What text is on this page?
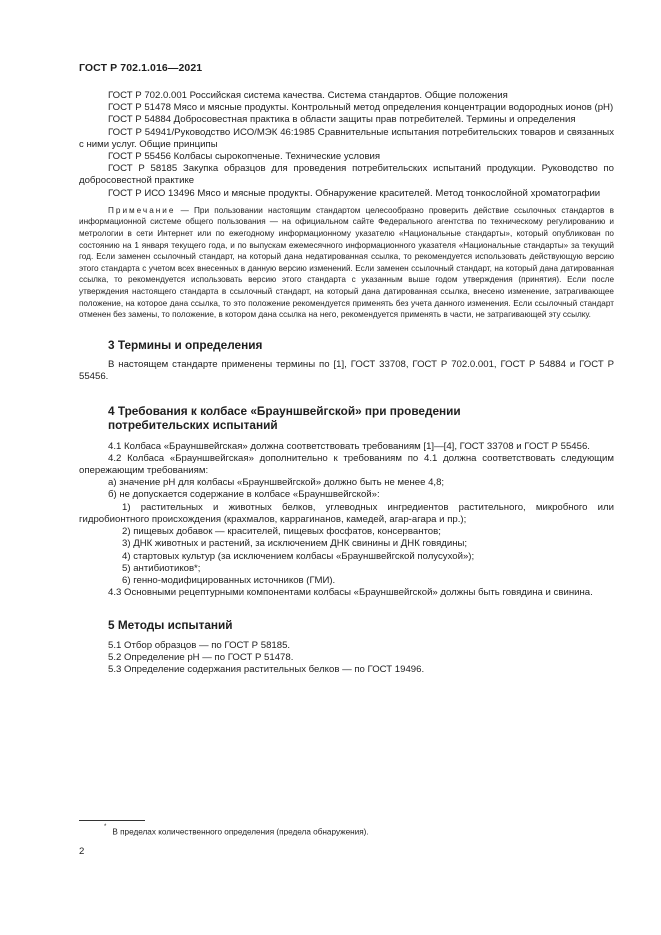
ГОСТ Р 702.1.016—2021

ГОСТ Р 702.0.001 Российская система качества. Система стандартов. Общие положения

ГОСТ Р 51478 Мясо и мясные продукты. Контрольный метод определения концентрации водородных ионов (рН)

ГОСТ Р 54884 Добросовестная практика в области защиты прав потребителей. Термины и определения

ГОСТ Р 54941/Руководство ИСО/МЭК 46:1985 Сравнительные испытания потребительских товаров и связанных с ними услуг. Общие принципы

ГОСТ Р 55456 Колбасы сырокопченые. Технические условия

ГОСТ Р 58185 Закупка образцов для проведения потребительских испытаний продукции. Руководство по добросовестной практике

ГОСТ Р ИСО 13496 Мясо и мясные продукты. Обнаружение красителей. Метод тонкослойной хроматографии

Примечание — При пользовании настоящим стандартом целесообразно проверить действие ссылочных стандартов в информационной системе общего пользования — на официальном сайте Федерального агентства по техническому регулированию и метрологии в сети Интернет или по ежегодному информационному указателю «Национальные стандарты», который опубликован по состоянию на 1 января текущего года, и по выпускам ежемесячного информационного указателя «Национальные стандарты» за текущий год. Если заменен ссылочный стандарт, на который дана недатированная ссылка, то рекомендуется использовать действующую версию этого стандарта с учетом всех внесенных в данную версию изменений. Если заменен ссылочный стандарт, на который дана датированная ссылка, то рекомендуется использовать версию этого стандарта с указанным выше годом утверждения (принятия). Если после утверждения настоящего стандарта в ссылочный стандарт, на который дана датированная ссылка, внесено изменение, затрагивающее положение, на которое дана ссылка, то это положение рекомендуется применять без учета данного изменения. Если ссылочный стандарт отменен без замены, то положение, в котором дана ссылка на него, рекомендуется применять в части, не затрагивающей эту ссылку.

3 Термины и определения

В настоящем стандарте применены термины по [1], ГОСТ 33708, ГОСТ Р 702.0.001, ГОСТ Р 54884 и ГОСТ Р 55456.

4 Требования к колбасе «Брауншвейгской» при проведении
потребительских испытаний

4.1 Колбаса «Брауншвейгская» должна соответствовать требованиям [1]—[4], ГОСТ 33708 и ГОСТ Р 55456.

4.2 Колбаса «Брауншвейгская» дополнительно к требованиям по 4.1 должна соответствовать следующим опережающим требованиям:

а) значение рН для колбасы «Брауншвейгской» должно быть не менее 4,8;

б) не допускается содержание в колбасе «Брауншвейгской»:

1) растительных и животных белков, углеводных ингредиентов растительного, микробного или гидробионтного происхождения (крахмалов, каррагинанов, камедей, агар-агара и пр.);

2) пищевых добавок — красителей, пищевых фосфатов, консервантов;

3) ДНК животных и растений, за исключением ДНК свинины и ДНК говядины;

4) стартовых культур (за исключением колбасы «Брауншвейгской полусухой»);

5) антибиотиков*;

6) генно-модифицированных источников (ГМИ).

4.3 Основными рецептурными компонентами колбасы «Брауншвейгской» должны быть говядина и свинина.

5 Методы испытаний

5.1 Отбор образцов — по ГОСТ Р 58185.

5.2 Определение рН — по ГОСТ Р 51478.

5.3 Определение содержания растительных белков — по ГОСТ 19496.

*В пределах количественного определения (предела обнаружения).
2
